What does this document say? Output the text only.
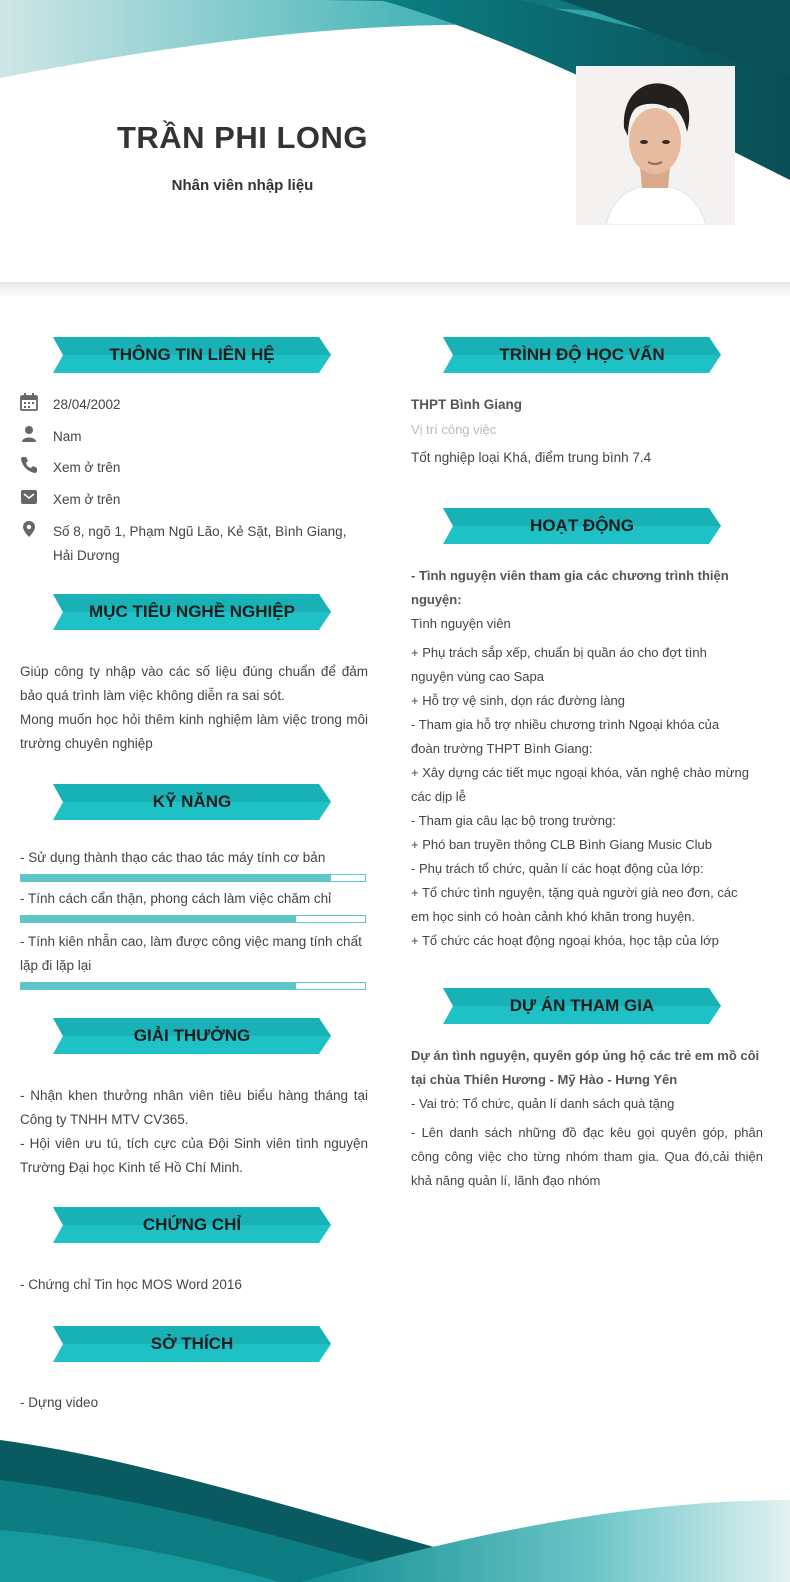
TRẦN PHI LONG
Nhân viên nhập liệu
THÔNG TIN LIÊN HỆ
28/04/2002
Nam
Xem ở trên
Xem ở trên
Số 8, ngõ 1, Phạm Ngũ Lão, Kẻ Sặt, Bình Giang, Hải Dương
MỤC TIÊU NGHỀ NGHIỆP
Giúp công ty nhập vào các số liệu đúng chuẩn để đảm bảo quá trình làm việc không diễn ra sai sót.
Mong muốn học hỏi thêm kinh nghiệm làm việc trong môi trường chuyên nghiệp
KỸ NĂNG
- Sử dụng thành thạo các thao tác máy tính cơ bản
- Tính cách cẩn thận, phong cách làm việc chăm chỉ
- Tính kiên nhẫn cao, làm được công việc mang tính chất lặp đi lặp lại
GIẢI THƯỞNG
- Nhận khen thưởng nhân viên tiêu biểu hàng tháng tại Công ty TNHH MTV CV365.
- Hội viên ưu tú, tích cực của Đội Sinh viên tình nguyện Trường Đại học Kinh tế Hồ Chí Minh.
CHỨNG CHỈ
- Chứng chỉ Tin học MOS Word 2016
SỞ THÍCH
- Dựng video
TRÌNH ĐỘ HỌC VẤN
THPT Bình Giang
Vị trí công việc
Tốt nghiệp loại Khá, điểm trung bình 7.4
HOẠT ĐỘNG
- Tình nguyện viên tham gia các chương trình thiện nguyện:
Tình nguyện viên
+ Phụ trách sắp xếp, chuẩn bị quần áo cho đợt tình nguyện vùng cao Sapa
+ Hỗ trợ vệ sinh, dọn rác đường làng
- Tham gia hỗ trợ nhiều chương trình Ngoại khóa của đoàn trường THPT Bình Giang:
+ Xây dựng các tiết mục ngoại khóa, văn nghệ chào mừng các dịp lễ
- Tham gia câu lạc bộ trong trường:
+ Phó ban truyền thông CLB Bình Giang Music Club
- Phụ trách tổ chức, quản lí các hoạt động của lớp:
+ Tổ chức tình nguyện, tặng quà người già neo đơn, các em học sinh có hoàn cảnh khó khăn trong huyện.
+ Tổ chức các hoạt động ngoại khóa, học tập của lớp
DỰ ÁN THAM GIA
Dự án tình nguyện, quyên góp ủng hộ các trẻ em mồ côi tại chùa Thiên Hương - Mỹ Hào - Hưng Yên
- Vai trò: Tổ chức, quản lí danh sách quà tặng
- Lên danh sách những đồ đạc kêu gọi quyên góp, phân công công việc cho từng nhóm tham gia. Qua đó,cải thiện khả năng quản lí, lãnh đạo nhóm
